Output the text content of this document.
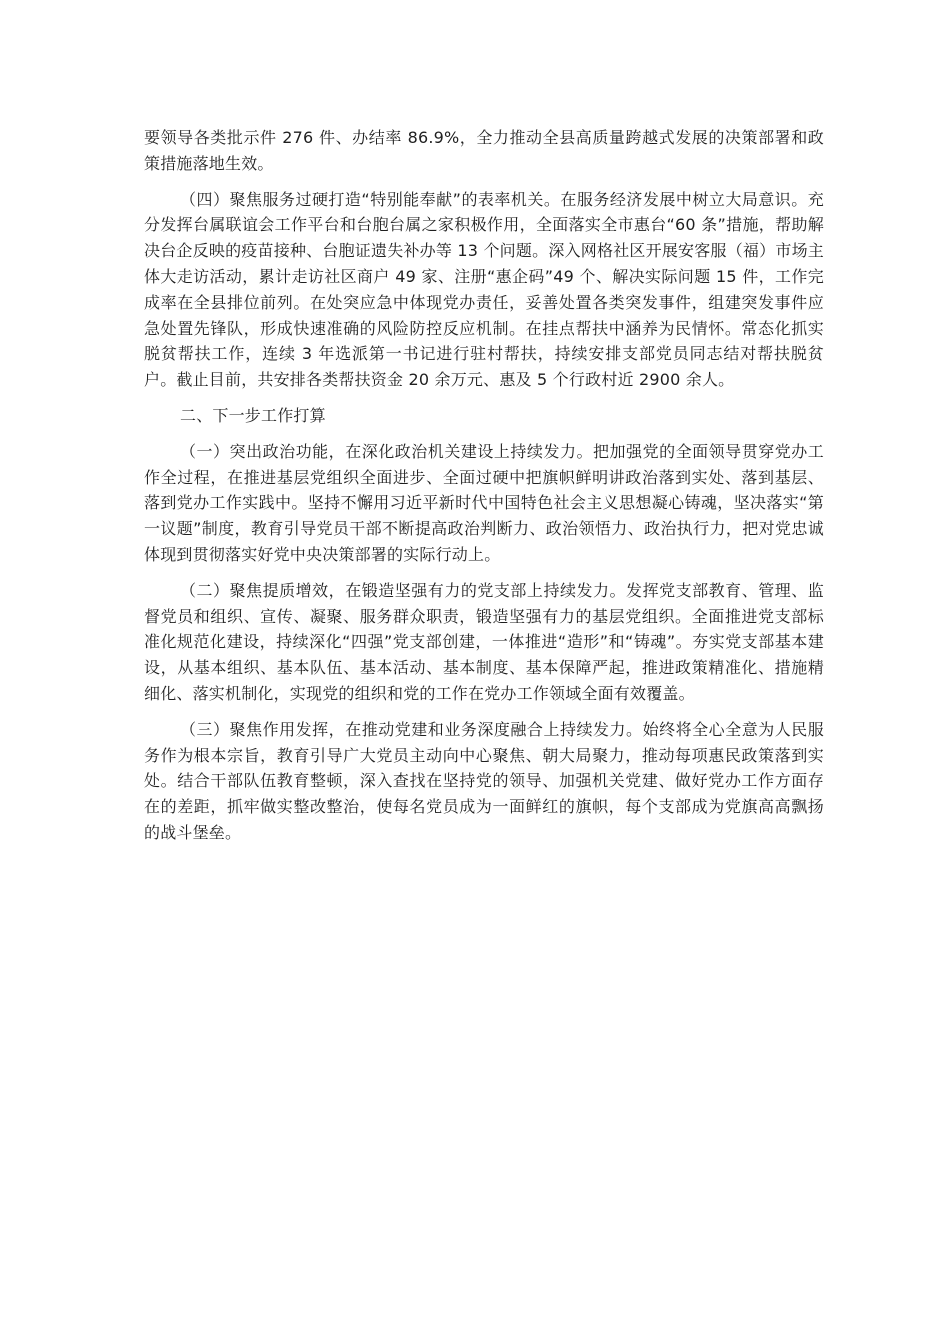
要领导各类批示件 276 件、办结率 86.9%，全力推动全县高质量跨越式发展的决策部署和政策措施落地生效。

（四）聚焦服务过硬打造“特别能奉献”的表率机关。在服务经济发展中树立大局意识。充分发挥台属联谊会工作平台和台胞台属之家积极作用，全面落实全市惠台“60 条”措施，帮助解决台企反映的疫苗接种、台胞证遗失补办等 13 个问题。深入网格社区开展安客服（福）市场主体大走访活动，累计走访社区商户 49 家、注册“惠企码”49 个、解决实际问题 15 件，工作完成率在全县排位前列。在处突应急中体现党办责任，妥善处置各类突发事件，组建突发事件应急处置先锋队，形成快速准确的风险防控反应机制。在挂点帮扶中涵养为民情怀。常态化抓实脱贫帮扶工作，连续 3 年选派第一书记进行驻村帮扶，持续安排支部党员同志结对帮扶脱贫户。截止目前，共安排各类帮扶资金 20 余万元、惠及 5 个行政村近 2900 余人。

二、下一步工作打算

（一）突出政治功能，在深化政治机关建设上持续发力。把加强党的全面领导贯穿党办工作全过程，在推进基层党组织全面进步、全面过硬中把旗帜鲜明讲政治落到实处、落到基层、落到党办工作实践中。坚持不懈用习近平新时代中国特色社会主义思想凝心铸魂，坚决落实“第一议题”制度，教育引导党员干部不断提高政治判断力、政治领悟力、政治执行力，把对党忠诚体现到贯彻落实好党中央决策部署的实际行动上。

（二）聚焦提质增效，在锻造坚强有力的党支部上持续发力。发挥党支部教育、管理、监督党员和组织、宣传、凝聚、服务群众职责，锻造坚强有力的基层党组织。全面推进党支部标准化规范化建设，持续深化“四强”党支部创建，一体推进“造形”和“铸魂”。夯实党支部基本建设，从基本组织、基本队伍、基本活动、基本制度、基本保障严起，推进政策精准化、措施精细化、落实机制化，实现党的组织和党的工作在党办工作领域全面有效覆盖。

（三）聚焦作用发挥，在推动党建和业务深度融合上持续发力。始终将全心全意为人民服务作为根本宗旨，教育引导广大党员主动向中心聚焦、朝大局聚力，推动每项惠民政策落到实处。结合干部队伍教育整顿，深入查找在坚持党的领导、加强机关党建、做好党办工作方面存在的差距，抓牢做实整改整治，使每名党员成为一面鲜红的旗帜，每个支部成为党旗高高飘扬的战斗堡垒。
